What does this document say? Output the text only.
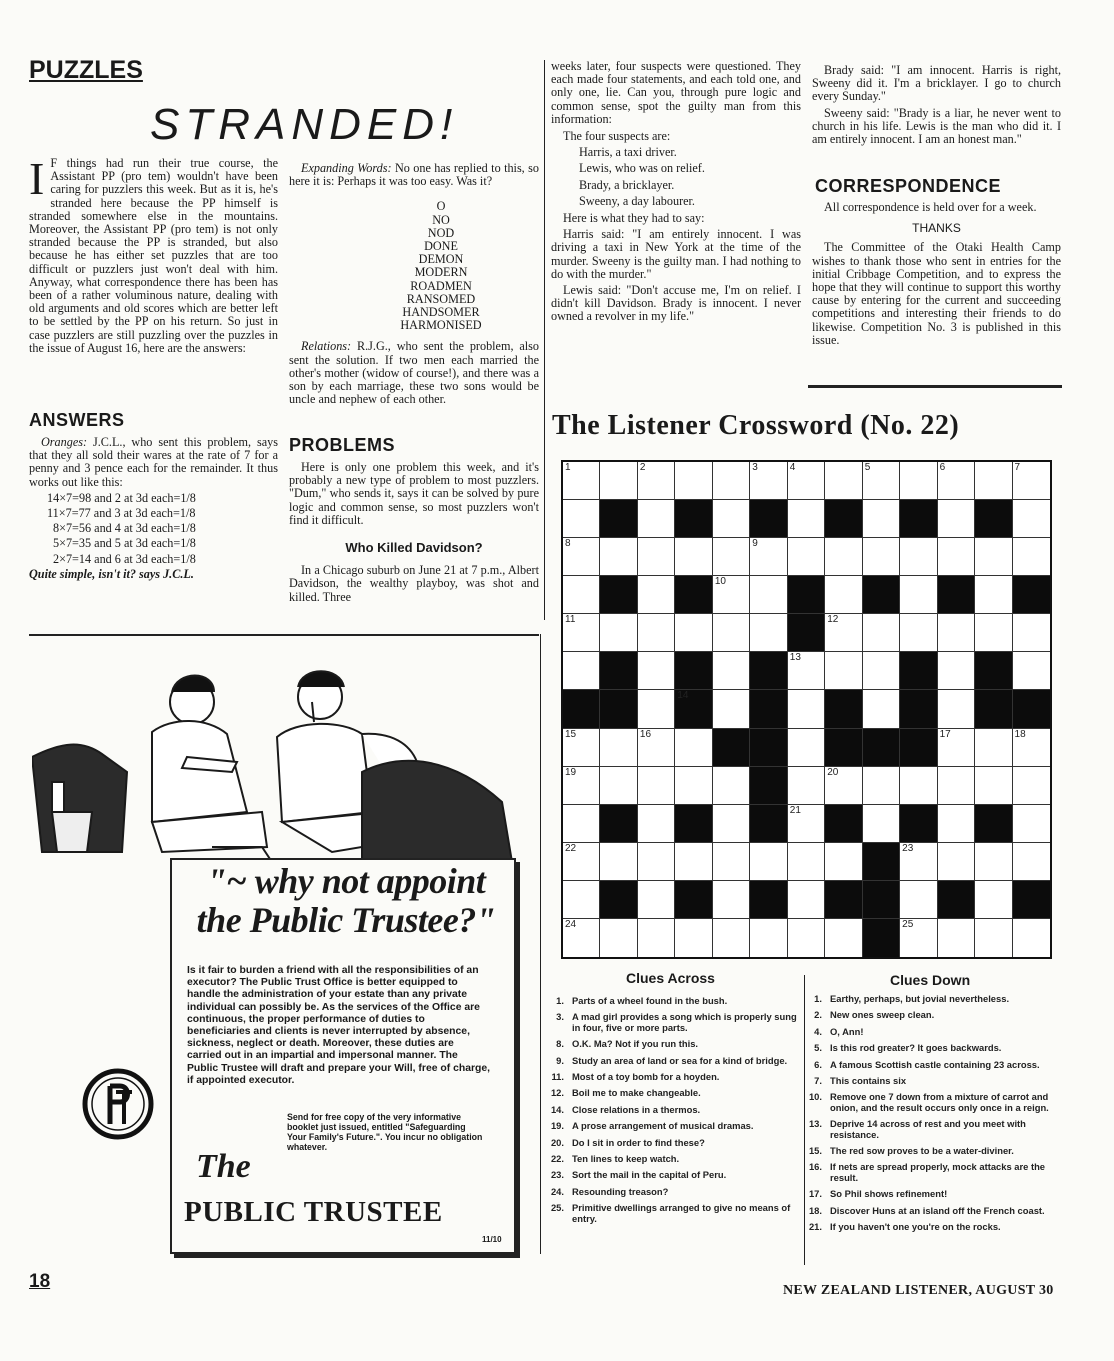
PUZZLES
STRANDED!
I F things had run their true course, the Assistant PP (pro tem) wouldn't have been caring for puzzlers this week. But as it is, he's stranded here because the PP himself is stranded somewhere else in the mountains. Moreover, the Assistant PP (pro tem) is not only stranded because the PP is stranded, but also because he has either set puzzles that are too difficult or puzzlers just won't deal with him. Anyway, what correspondence there has been has been of a rather voluminous nature, dealing with old arguments and old scores which are better left to be settled by the PP on his return. So just in case puzzlers are still puzzling over the puzzles in the issue of August 16, here are the answers:
ANSWERS

Oranges: J.C.L., who sent this problem, says that they all sold their wares at the rate of 7 for a penny and 3 pence each for the remainder. It thus works out like this:

14×7=98 and 2 at 3d each=1/8
11×7=77 and 3 at 3d each=1/8
8×7=56 and 4 at 3d each=1/8
5×7=35 and 5 at 3d each=1/8
2×7=14 and 6 at 3d each=1/8
Quite simple, isn't it? says J.C.L.

Expanding Words: No one has replied to this, so here it is: Perhaps it was too easy. Was it?

O
NO
NOD
DONE
DEMON
MODERN
ROADMEN
RANSOMED
HANDSOMER
HARMONISED

Relations: R.J.G., who sent the problem, also sent the solution. If two men each married the other's mother (widow of course!), and there was a son by each marriage, these two sons would be uncle and nephew of each other.

PROBLEMS

Here is only one problem this week, and it's probably a new type of problem to most puzzlers. "Dum," who sends it, says it can be solved by pure logic and common sense, so most puzzlers won't find it difficult.

Who Killed Davidson?

In a Chicago suburb on June 21 at 7 p.m., Albert Davidson, the wealthy playboy, was shot and killed. Three

weeks later, four suspects were questioned. They each made four statements, and each told one, and only one, lie. Can you, through pure logic and common sense, spot the guilty man from this information:

The four suspects are:

Harris, a taxi driver.
Lewis, who was on relief.
Brady, a bricklayer.
Sweeny, a day labourer.

Here is what they had to say:

Harris said: "I am entirely innocent. I was driving a taxi in New York at the time of the murder. Sweeny is the guilty man. I had nothing to do with the murder."

Lewis said: "Don't accuse me, I'm on relief. I didn't kill Davidson. Brady is innocent. I never owned a revolver in my life."

Brady said: "I am innocent. Harris is right, Sweeny did it. I'm a bricklayer. I go to church every Sunday."

Sweeny said: "Brady is a liar, he never went to church in his life. Lewis is the man who did it. I am entirely innocent. I am an honest man."

CORRESPONDENCE

All correspondence is held over for a week.

THANKS

The Committee of the Otaki Health Camp wishes to thank those who sent in entries for the initial Cribbage Competition, and to express the hope that they will continue to support this worthy cause by entering for the current and succeeding competitions and interesting their friends to do likewise. Competition No. 3 is published in this issue.

The Listener Crossword (No. 22)
1	2	3	4	5	6	7
8	9
10
11	12
13
14
15	16	17	18
19	20
21
22	23
24	25
Clues Across	Clues Down
1. Parts of a wheel found in the bush.
3. A mad girl provides a song which is properly sung in four, five or more parts.
8. O.K. Ma? Not if you run this.
9. Study an area of land or sea for a kind of bridge.
11. Most of a toy bomb for a hoyden.
12. Boil me to make changeable.
14. Close relations in a thermos.
19. A prose arrangement of musical dramas.
20. Do I sit in order to find these?
22. Ten lines to keep watch.
23. Sort the mail in the capital of Peru.
24. Resounding treason?
25. Primitive dwellings arranged to give no means of entry.
1. Earthy, perhaps, but jovial nevertheless.
2. New ones sweep clean.
4. O, Ann!
5. Is this rod greater? It goes backwards.
6. A famous Scottish castle containing 23 across.
7. This contains six
10. Remove one 7 down from a mixture of carrot and onion, and the result occurs only once in a reign.
13. Deprive 14 across of rest and you meet with resistance.
15. The red sow proves to be a water-diviner.
16. If nets are spread properly, mock attacks are the result.
17. So Phil shows refinement!
18. Discover Huns at an island off the French coast.
21. If you haven't one you're on the rocks.
"~ why not appoint
the Public Trustee?"
Is it fair to burden a friend with all the responsibilities of an executor? The Public Trust Office is better equipped to handle the administration of your estate than any private individual can possibly be. As the services of the Office are continuous, the proper performance of duties to beneficiaries and clients is never interrupted by absence, sickness, neglect or death. Moreover, these duties are carried out in an impartial and impersonal manner. The Public Trustee will draft and prepare your Will, free of charge, if appointed executor.
Send for free copy of the very informative booklet just issued, entitled "Safeguarding Your Family's Future.". You incur no obligation whatever.
The
PUBLIC TRUSTEE
11/10
18	NEW ZEALAND LISTENER, AUGUST 30
